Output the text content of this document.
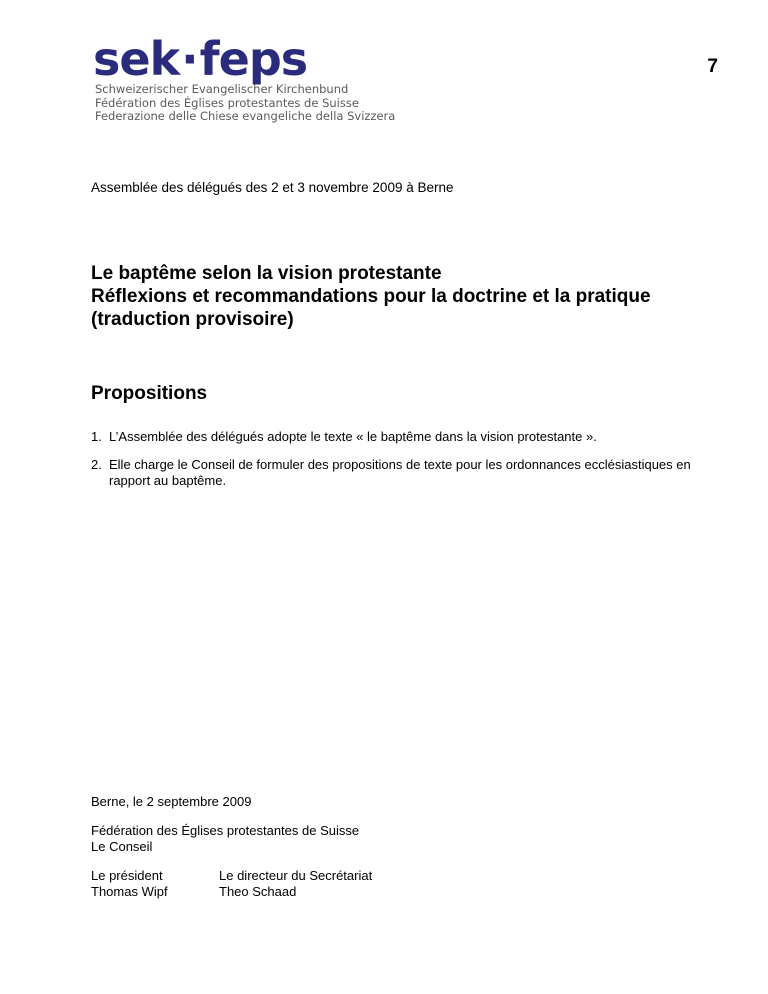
sek·feps
Schweizerischer Evangelischer Kirchenbund
Fédération des Églises protestantes de Suisse
Federazione delle Chiese evangeliche della Svizzera
7
Assemblée des délégués des 2 et 3 novembre 2009 à Berne
Le baptême selon la vision protestante
Réflexions et recommandations pour la doctrine et la pratique
(traduction provisoire)
Propositions
1. L’Assemblée des délégués adopte le texte « le baptême dans la vision protestante ».
2. Elle charge le Conseil de formuler des propositions de texte pour les ordonnances ecclésiastiques en rapport au baptême.
Berne, le 2 septembre 2009
Fédération des Églises protestantes de Suisse
Le Conseil
Le président
Thomas Wipf
Le directeur du Secrétariat
Theo Schaad
